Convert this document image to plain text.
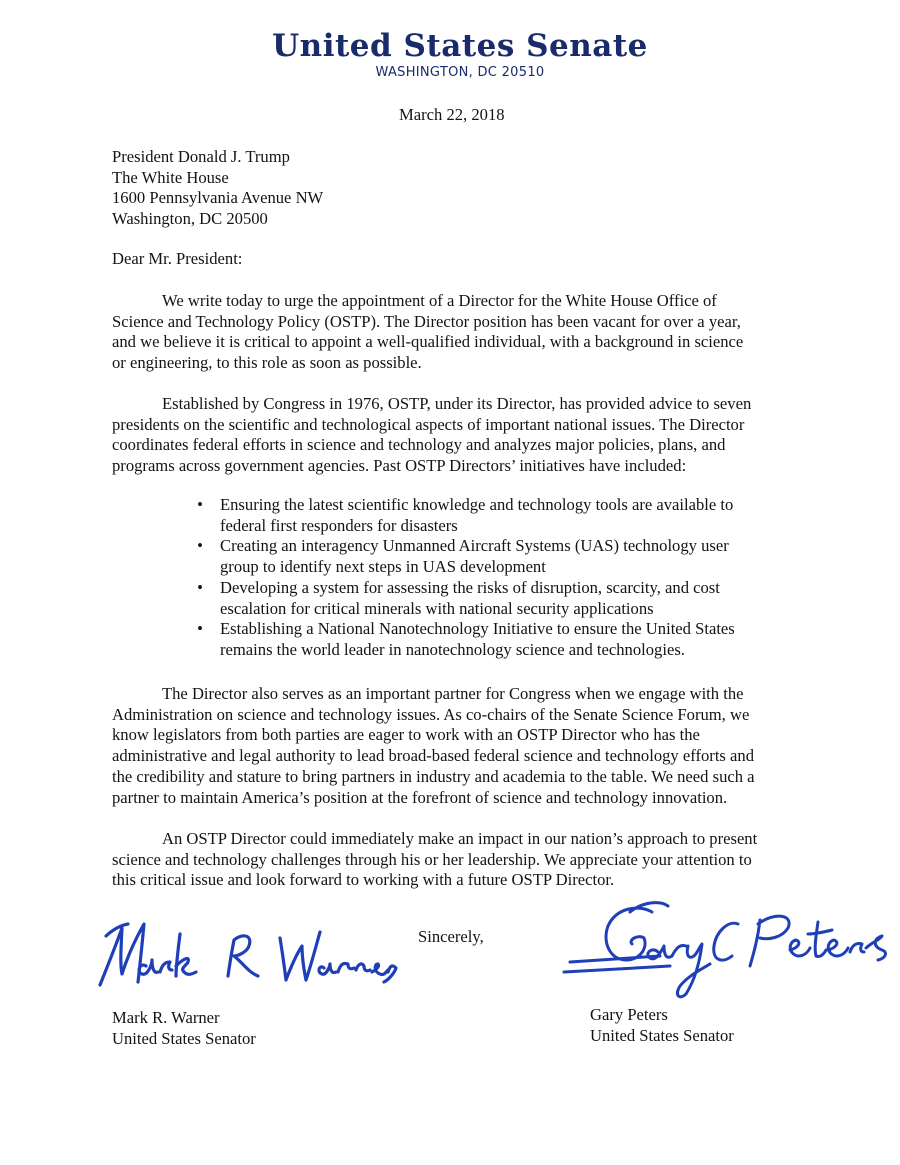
United States Senate
WASHINGTON, DC 20510
March 22, 2018
President Donald J. Trump
The White House
1600 Pennsylvania Avenue NW
Washington, DC 20500
Dear Mr. President:
We write today to urge the appointment of a Director for the White House Office of
Science and Technology Policy (OSTP). The Director position has been vacant for over a year,
and we believe it is critical to appoint a well-qualified individual, with a background in science
or engineering, to this role as soon as possible.
Established by Congress in 1976, OSTP, under its Director, has provided advice to seven
presidents on the scientific and technological aspects of important national issues. The Director
coordinates federal efforts in science and technology and analyzes major policies, plans, and
programs across government agencies. Past OSTP Directors’ initiatives have included:
• Ensuring the latest scientific knowledge and technology tools are available to
federal first responders for disasters
• Creating an interagency Unmanned Aircraft Systems (UAS) technology user
group to identify next steps in UAS development
• Developing a system for assessing the risks of disruption, scarcity, and cost
escalation for critical minerals with national security applications
• Establishing a National Nanotechnology Initiative to ensure the United States
remains the world leader in nanotechnology science and technologies.
The Director also serves as an important partner for Congress when we engage with the
Administration on science and technology issues. As co-chairs of the Senate Science Forum, we
know legislators from both parties are eager to work with an OSTP Director who has the
administrative and legal authority to lead broad-based federal science and technology efforts and
the credibility and stature to bring partners in industry and academia to the table. We need such a
partner to maintain America’s position at the forefront of science and technology innovation.
An OSTP Director could immediately make an impact in our nation’s approach to present
science and technology challenges through his or her leadership. We appreciate your attention to
this critical issue and look forward to working with a future OSTP Director.
Sincerely,
Mark R. Warner
United States Senator
Gary Peters
United States Senator
